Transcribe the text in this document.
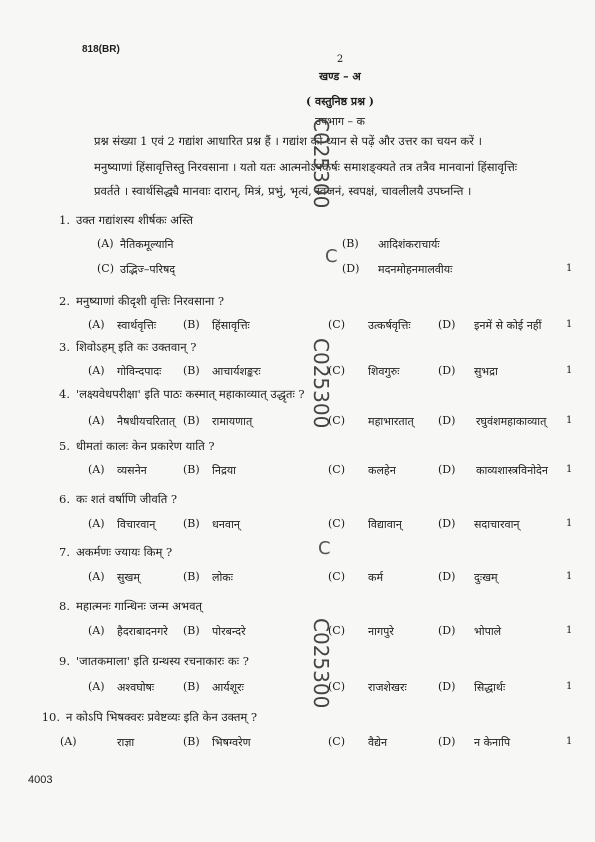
818(BR)
2
खण्ड – अ
( वस्तुनिष्ठ प्रश्न )
उपभाग – क
प्रश्न संख्या 1 एवं 2 गद्यांश आधारित प्रश्न हैं । गद्यांश को ध्यान से पढ़ें और उत्तर का चयन करें ।
मनुष्याणां हिंसावृत्तिस्तु निरवसाना । यतो यतः आत्मनोऽपकर्षः समाशङ्क्यते तत्र तत्रैव मानवानां हिंसावृत्तिः
प्रवर्तते । स्वार्थसिद्ध्यै मानवाः दारान्, मित्रं, प्रभुं, भृत्यं, स्वजनं, स्वपक्षं, चावलीलयै उपघ्नन्ति ।
1. उक्त गद्यांशस्य शीर्षकः अस्ति
(A) नैतिकमूल्यानि	(B) आदिशंकराचार्यः
(C) उद्भिज्‍–परिषद्	(D) मदनमोहनमालवीयः	1
2. मनुष्याणां कीदृशी वृत्तिः निरवसाना ?
(A) स्वार्थवृत्तिः (B) हिंसावृत्तिः	(C) उत्कर्षवृत्तिः (D) इनमें से कोई नहीं 1
3. शिवोऽहम् इति कः उक्तवान् ?
(A) गोविन्दपादः (B) आचार्यशङ्करः	(C) शिवगुरुः	(D) सुभद्रा	1
4. 'लक्ष्यवेधपरीक्षा' इति पाठः कस्मात् महाकाव्यात् उद्धृतः ?
(A) नैषधीयचरितात् (B) रामायणात्	(C) महाभारतात् (D) रघुवंशमहाकाव्यात् 1
5. धीमतां कालः केन प्रकारेण याति ?
(A) व्यसनेन	(B) निद्रया	(C) कलहेन	(D) काव्यशास्त्रविनोदेन 1
6. कः शतं वर्षाणि जीवति ?
(A) विचारवान्	(B) धनवान्	(C) विद्यावान्	(D) सदाचारवान्	1
7. अकर्मणः ज्यायः किम् ?
(A) सुखम्	(B) लोकः	(C) कर्म	(D) दुःखम्	1
8. महात्मनः गान्धिनः जन्म अभवत्
(A) हैदराबादनगरे (B) पोरबन्दरे	(C) नागपुरे	(D) भोपाले	1
9. 'जातकमाला' इति ग्रन्थस्य रचनाकारः कः ?
(A) अश्वघोषः	(B) आर्यशूरः	(C) राजशेखरः	(D) सिद्धार्थः	1
10. न कोऽपि भिषक्वरः प्रवेष्टव्यः इति केन उक्तम् ?
(A)	राज्ञा	(B) भिषग्वरेण	(C) वैद्येन	(D) न केनापि	1
C025300
C025300
C025300
C
C
4003
